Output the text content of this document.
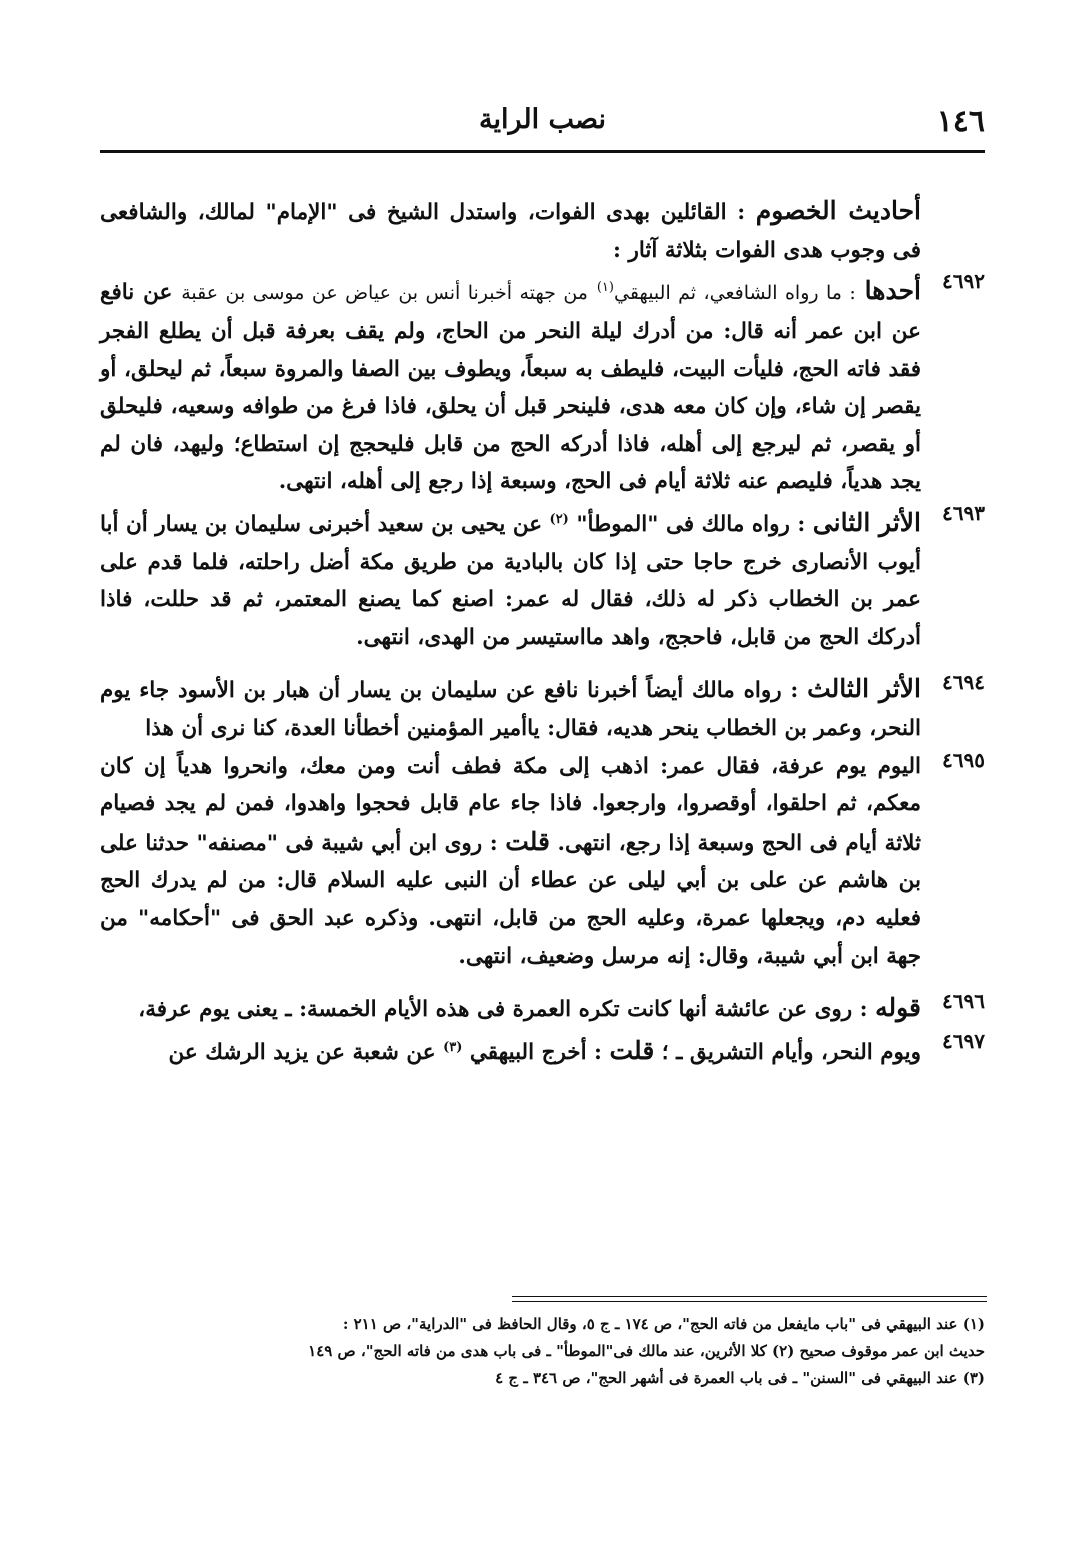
١٤٦
نصب الراية
أحاديث الخصوم : القائلين بهدى الفوات، واستدل الشيخ فى "الإمام" لمالك، والشافعى فى وجوب هدى الفوات بثلاثة آثار :
٤٦٩٢
أحدها : ما رواه الشافعي، ثم البيهقي$^{(١)}$ من جهته أخبرنا أنس بن عياض عن موسى بن عقبة عن نافع عن ابن عمر أنه قال: من أدرك ليلة النحر من الحاج، ولم يقف بعرفة قبل أن يطلع الفجر فقد فاته الحج، فليأت البيت، فليطف به سبعاً، ويطوف بين الصفا والمروة سبعاً، ثم ليحلق، أو يقصر إن شاء، وإن كان معه هدى، فلينحر قبل أن يحلق، فاذا فرغ من طوافه وسعيه، فليحلق أو يقصر، ثم ليرجع إلى أهله، فاذا أدركه الحج من قابل فليحجج إن استطاع؛ وليهد، فان لم يجد هدياً، فليصم عنه ثلاثة أيام فى الحج، وسبعة إذا رجع إلى أهله، انتهى.
٤٦٩٣
الأثر الثانى : رواه مالك فى "الموطأ" $^{(٢)}$ عن يحيى بن سعيد أخبرنى سليمان بن يسار أن أبا أيوب الأنصارى خرج حاجا حتى إذا كان بالبادية من طريق مكة أضل راحلته، فلما قدم على عمر بن الخطاب ذكر له ذلك، فقال له عمر: اصنع كما يصنع المعتمر، ثم قد حللت، فاذا أدركك الحج من قابل، فاحجج، واهد مااستيسر من الهدى، انتهى.
٤٦٩٤
الأثر الثالث : رواه مالك أيضاً أخبرنا نافع عن سليمان بن يسار أن هبار بن الأسود جاء يوم النحر، وعمر بن الخطاب ينحر هديه، فقال: ياأمير المؤمنين أخطأنا العدة، كنا نرى أن هذا
٤٦٩٥
اليوم يوم عرفة، فقال عمر: اذهب إلى مكة فطف أنت ومن معك، وانحروا هدياً إن كان معكم، ثم احلقوا، أوقصروا، وارجعوا. فاذا جاء عام قابل فحجوا واهدوا، فمن لم يجد فصيام ثلاثة أيام فى الحج وسبعة إذا رجع، انتهى. قلت : روى ابن أبي شيبة فى "مصنفه" حدثنا على بن هاشم عن على بن أبي ليلى عن عطاء أن النبى عليه السلام قال: من لم يدرك الحج فعليه دم، ويجعلها عمرة، وعليه الحج من قابل، انتهى. وذكره عبد الحق فى "أحكامه" من جهة ابن أبي شيبة، وقال: إنه مرسل وضعيف، انتهى.
٤٦٩٦
قوله : روى عن عائشة أنها كانت تكره العمرة فى هذه الأيام الخمسة: ـ يعنى يوم عرفة،
٤٦٩٧
ويوم النحر، وأيام التشريق ـ ؛ قلت : أخرج البيهقي $^{(٣)}$ عن شعبة عن يزيد الرشك عن
(١) عند البيهقي فى "باب مايفعل من فاته الحج"، ص ١٧٤ ـ ج ٥، وقال الحافظ فى "الدراية"، ص ٢١١ :
حديث ابن عمر موقوف صحيح (٢) كلا الأثرين، عند مالك فى"الموطأ" ـ فى باب هدى من فاته الحج"، ص ١٤٩
(٣) عند البيهقي فى "السنن" ـ فى باب العمرة فى أشهر الحج"، ص ٣٤٦ ـ ج ٤
